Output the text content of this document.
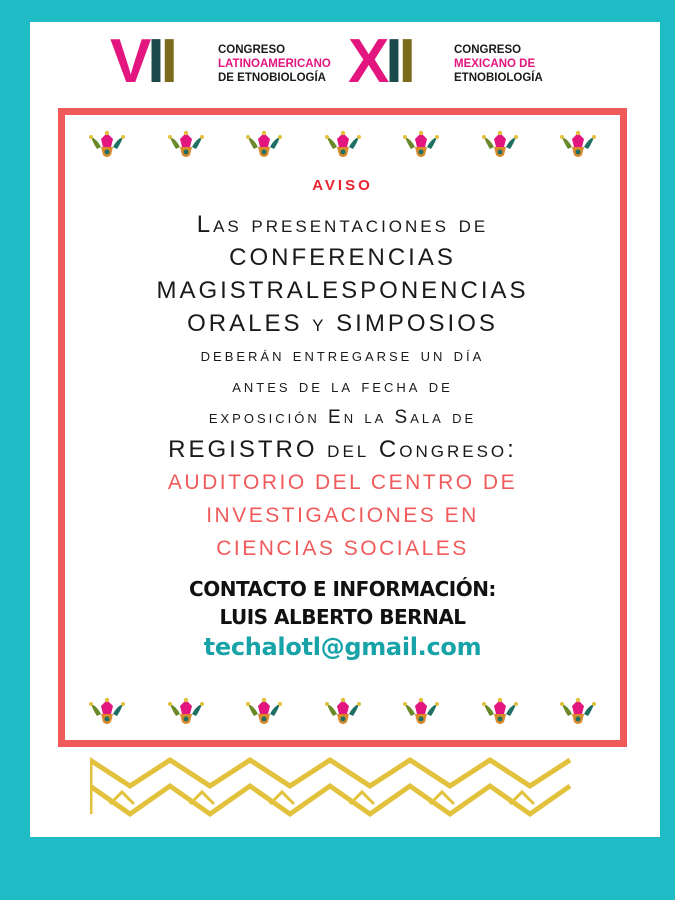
VII	CONGRESO
LATINOAMERICANO
DE ETNOBIOLOGÍA XII	CONGRESO
MEXICANO DE
ETNOBIOLOGÍA

AVISO

Las presentaciones de

CONFERENCIAS

MAGISTRALESPONENCIAS

ORALES y SIMPOSIOS

deberán entregarse un día

antes de la fecha de

exposición En la Sala de

REGISTRO del Congreso:

AUDITORIO DEL CENTRO DE

INVESTIGACIONES EN

CIENCIAS SOCIALES

CONTACTO E INFORMACIÓN:
LUIS ALBERTO BERNAL
techalotl@gmail.com
